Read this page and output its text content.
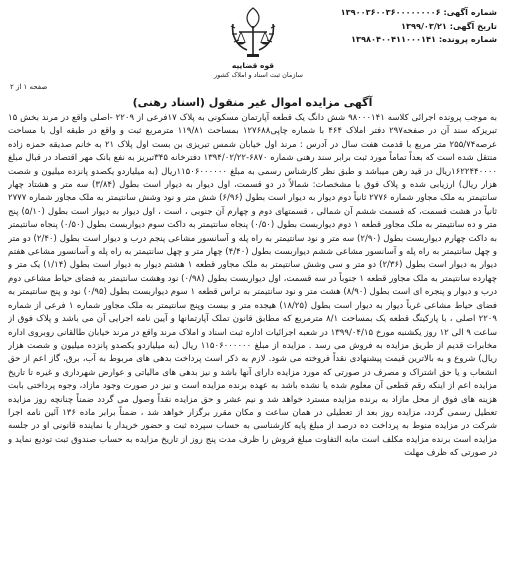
شماره آگهی: ۱۳۹۰۰۳۶۰۰۳۶۰۰۰۰۰۰۰۰۶
تاریخ آگهی: ۱۳۹۹/۰۳/۲۱
شماره پرونده: ۱۳۹۸۰۴۰۰۴۱۱۰۰۰۱۴۱
قوه قضاییه
سازمان ثبت اسناد و املاک کشور
صفحه ۱ از ۲
آگهی مزایده اموال غیر منقول (اسناد رهنی)
به موجب پرونده اجرائی کلاسه ۹۸۰۰۰۱۴۱ شش دانگ یک قطعه آپارتمان مسکونی به پلاک ۱۷فرعی از ۲۲۰۹ -اصلی واقع در مرند بخش ۱۵ تبریزکه سند آن در صفحه۲۹۷ دفتر املاک ۴۶۴ با شماره چاپی۱۲۷۶۸۸ بمساحت ۱۱۹/۸۱ مترمربع ثبت و واقع در طبقه اول با مساحت عرصه۲۵۵/۷۴ متر مربع با قدمت هفت سال در آدرس : مرند اول خیابان شمس تبریزی بن بست اول پلاک ۲۱ به خانم صدیقه حمزه زاده منتقل شده است که بعداً تماماً مورد ثبت برابر سند رهنی شماره ۶۸۷۰-۱۳۹۴/۰۲/۲۲ دفترخانه ۳۴۵تبریز به نفع بانک مهر اقتصاد در قبال مبلغ ۱۶۲۲۴۴۰۰۰۰ریال در قید رهن میباشد و طبق نظر کارشناس رسمی به مبلغ ۱۱۵۰۶۰۰۰۰۰۰ریال (به میلیاردو یکصدو پانزده میلیون و شصت هزار ریال) ارزیابی شده و پلاک فوق با مشخصات: شمالاً در دو قسمت، اول دیوار به دیوار است بطول (۳/۸۴) سه متر و هشتاد چهار سانتیمتر به ملک مجاور شماره ۲۷۷۶ ثانیاً دوم دیوار به دیوار است بطول (۶/۹۶) شش متر و نود وشش سانتیمتر به ملک مجاور شماره ۲۷۷۷ ثانیاً در هشت قسمت، که قسمت ششم آن شمالی ، قسمتهای دوم و چهارم آن جنوبی ، است ، اول دیوار به دیوار است بطول (۵/۱۰) پنج متر و ده سانتیمتر به ملک مجاور قطعه ۱ دوم دیواربست بطول (۰/۵۰) پنجاه سانتیمتر به داکت سوم دیواربست بطول (۰/۵۰) پنجاه سانتیمتر به داکت چهارم دیواربست بطول (۲/۹۰) سه متر و نود سانتیمتر به راه پله و آسانسور مشاعی پنجم درب و دیوار است بطول (۲/۴۰) دو متر و چهل سانتیمتر به راه پله و آسانسور مشاعی ششم دیواربست بطول (۴/۴۰) چهار متر و چهل سانتیمتر به راه پله و آسانسور مشاعی هفتم دیوار به دیوار است بطول (۲/۳۶) دو متر و سی وشش سانتیمتر به ملک مجاور قطعه ۱ هشتم دیوار به دیوار است بطول (۱/۱۴) یک متر و چهارده سانتیمتر به ملک مجاور قطعه ۱ جنوباً در سه قسمت، اول دیواربست بطول (۰/۹۸) نود وهشت سانتیمتر به فضای حیاط مشاعی دوم درب و دیوار و پنجره ای است بطول (۸/۹۰) هشت متر و نود سانتیمتر به تراس قطعه ۱ سوم دیواربست بطول (۰/۹۵) نود و پنج سانتیمتر به فضای حیاط مشاعی غرباً دیوار به دیوار است بطول (۱۸/۲۵) هیجده متر و بیست وپنج سانتیمتر به ملک مجاور شماره ۱ فرعی از شماره ۲۲۰۹ اصلی ، با پارکینگ قطعه یک بمساحت ۸/۱ مترمربع که مطابق قانون تملک آپارتمانها و آیین نامه اجرایی آن می باشد و پلاک فوق از ساعت ۹ الی ۱۲ روز یکشنبه مورخ ۱۳۹۹/۰۴/۱۵ در شعبه اجرائیات اداره ثبت اسناد و املاک مرند واقع در مرند خیابان طالقانی روبروی اداره مخابرات قدیم از طریق مزایده به فروش می رسد . مزایده از مبلغ ۱۱۵۰۶۰۰۰۰۰۰ ریال (به میلیاردو یکصدو پانزده میلیون و شصت هزار ریال) شروع و به بالاترین قیمت پیشنهادی نقداً فروخته می شود. لازم به ذکر است پرداخت بدهی های مربوط به آب، برق، گاز اعم از حق انشعاب و یا حق اشتراک و مصرف در صورتی که مورد مزایده دارای آنها باشد و نیز بدهی های مالیاتی و عوارض شهرداری و غیره تا تاریخ مزایده اعم از اینکه رقم قطعی آن معلوم شده یا نشده باشد به عهده برنده مزایده است و نیز در صورت وجود مازاد، وجوه پرداختی بابت هزینه های فوق از محل مازاد به برنده مزایده مسترد خواهد شد و نیم عشر و حق مزایده نقداً وصول می گردد ضمناً چنانچه روز مزایده تعطیل رسمی گردد، مزایده روز بعد از تعطیلی در همان ساعت و مکان مقرر برگزار خواهد شد ، ضمناً برابر ماده ۱۳۶ آئین نامه اجرا شرکت در مزایده منوط به پرداخت ده درصد از مبلغ پایه کارشناسی به حساب سپرده ثبت و حضور خریدار یا نماینده قانونی او در جلسه مزایده است برنده مزایده مکلف است مابه التفاوت مبلغ فروش را ظرف مدت پنج روز از تاریخ مزایده به حساب صندوق ثبت تودیع نماید و در صورتی که ظرف مهلت
